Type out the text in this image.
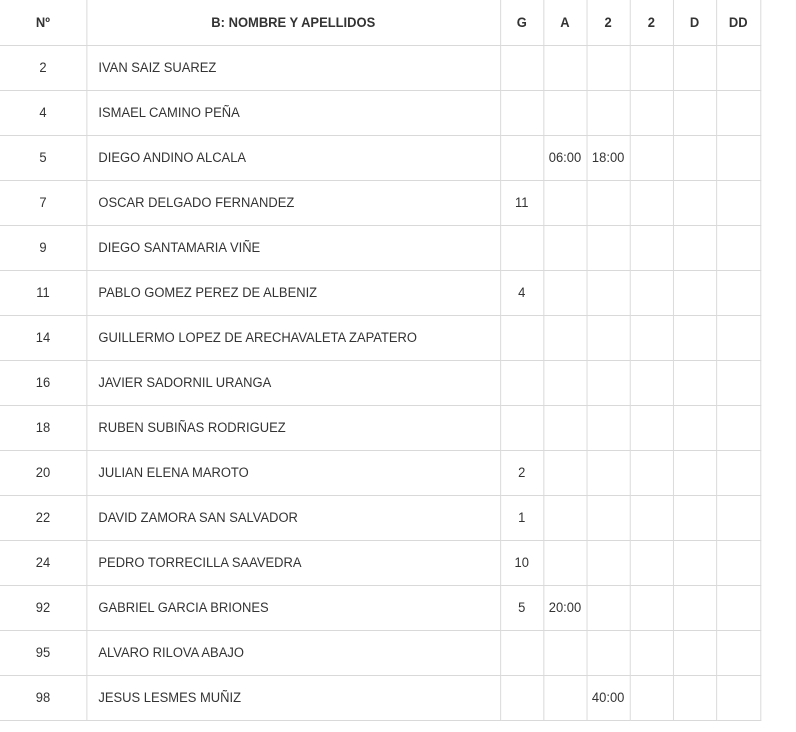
Nº	B: NOMBRE Y APELLIDOS	G	A	2	2	D	DD
2	IVAN SAIZ SUAREZ						
4	ISMAEL CAMINO PEÑA						
5	DIEGO ANDINO ALCALA		06:00	18:00			
7	OSCAR DELGADO FERNANDEZ	11					
9	DIEGO SANTAMARIA VIÑE						
11	PABLO GOMEZ PEREZ DE ALBENIZ	4					
14	GUILLERMO LOPEZ DE ARECHAVALETA ZAPATERO						
16	JAVIER SADORNIL URANGA						
18	RUBEN SUBIÑAS RODRIGUEZ						
20	JULIAN ELENA MAROTO	2					
22	DAVID ZAMORA SAN SALVADOR	1					
24	PEDRO TORRECILLA SAAVEDRA	10					
92	GABRIEL GARCIA BRIONES	5	20:00				
95	ALVARO RILOVA ABAJO						
98	JESUS LESMES MUÑIZ			40:00			
